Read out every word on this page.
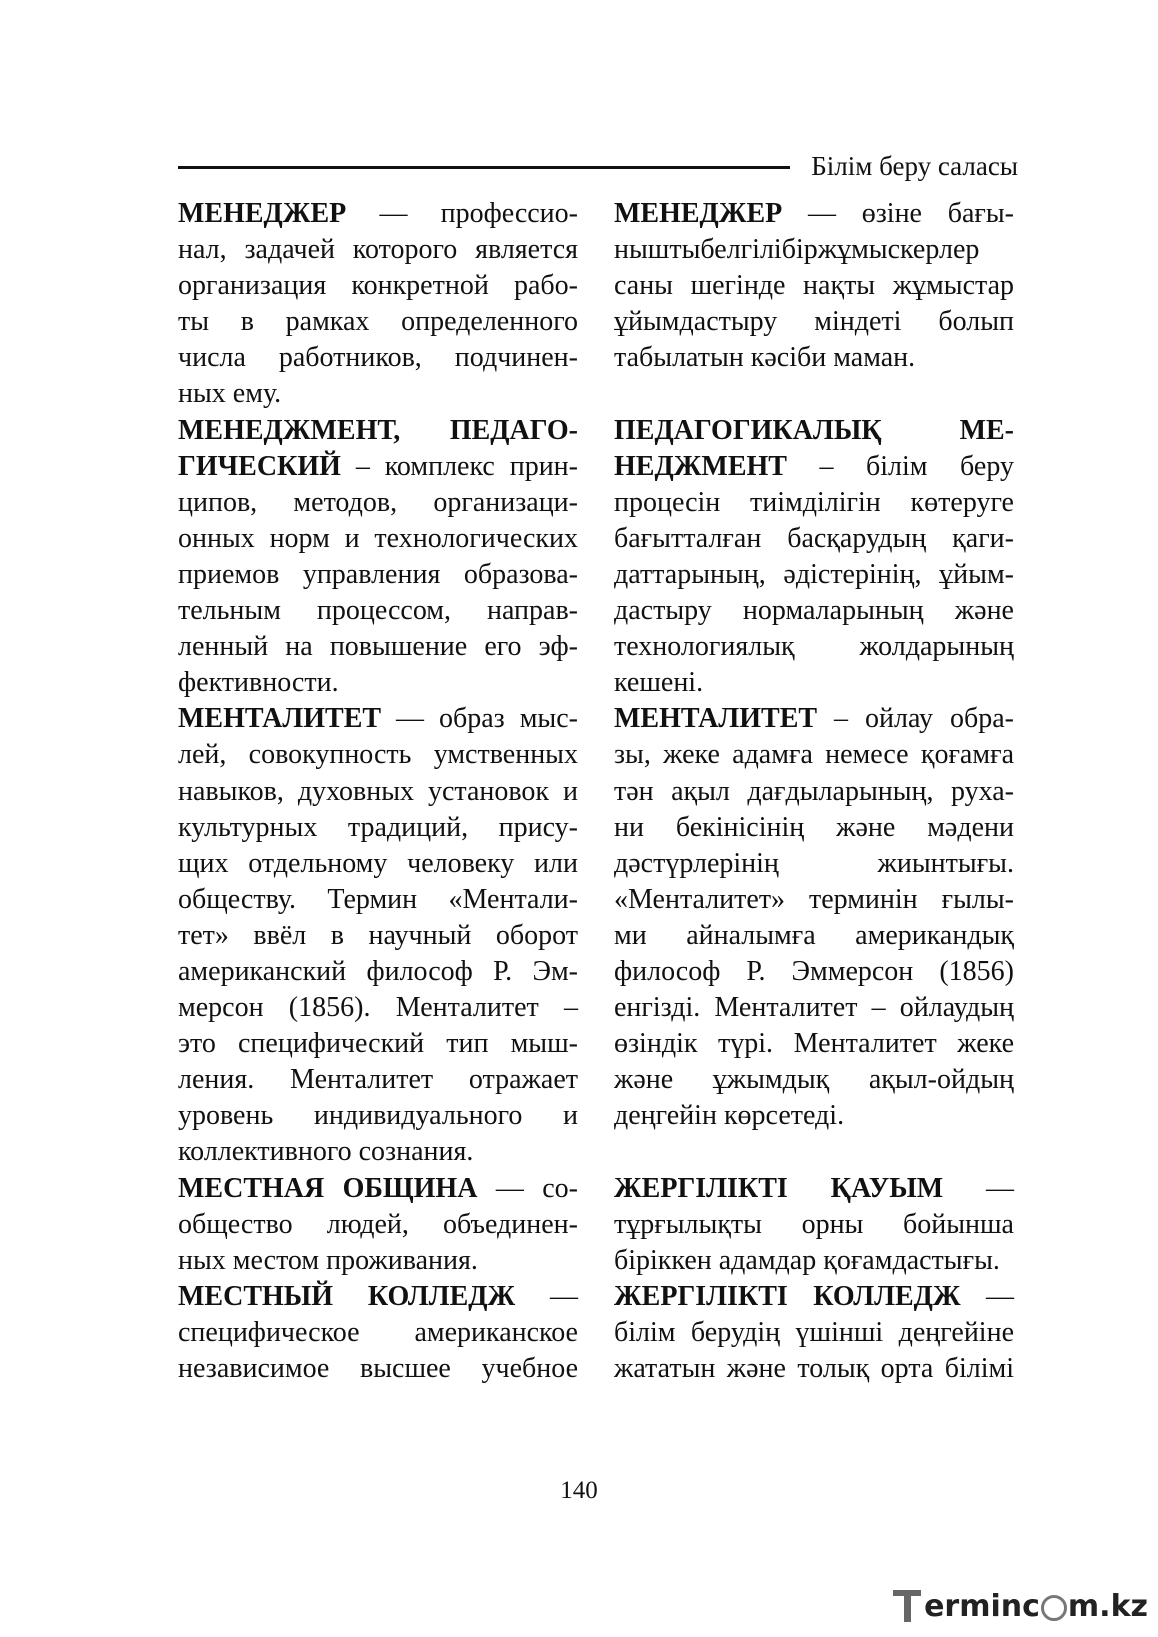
Білім беру саласы
МЕНЕДЖЕР — профессио-
нал, задачей которого является
организация конкретной рабо-
ты в рамках определенного
числа работников, подчинен-
ных ему.
МЕНЕДЖМЕНТ, ПЕДАГО-
ГИЧЕСКИЙ – комплекс прин-
ципов, методов, организаци-
онных норм и технологических
приемов управления образова-
тельным процессом, направ-
ленный на повышение его эф-
фективности.
МЕНТАЛИТЕТ — образ мыс-
лей, совокупность умственных
навыков, духовных установок и
культурных традиций, прису-
щих отдельному человеку или
обществу. Термин «Ментали-
тет» ввёл в научный оборот
американский философ Р. Эм-
мерсон (1856). Менталитет –
это специфический тип мыш-
ления. Менталитет отражает
уровень индивидуального и
коллективного сознания.
МЕСТНАЯ ОБЩИНА — со-
общество людей, объединен-
ных местом проживания.
МЕСТНЫЙ КОЛЛЕДЖ —
специфическое американское
независимое высшее учебное
МЕНЕДЖЕР — өзіне бағы-
ныштыбелгілібіржұмыскерлер
саны шегінде нақты жұмыстар
ұйымдастыру міндеті болып
табылатын кәсіби маман.
ПЕДАГОГИКАЛЫҚ МЕ-
НЕДЖМЕНТ – білім беру
процесін тиімділігін көтеруге
бағытталған басқарудың қаги-
даттарының, әдістерінің, ұйым-
дастыру нормаларының және
технологиялық жолдарының
кешені.
МЕНТАЛИТЕТ – ойлау обра-
зы, жеке адамға немесе қоғамға
тән ақыл дағдыларының, руха-
ни бекінісінің және мәдени
дәстүрлерінің жиынтығы.
«Менталитет» терминін ғылы-
ми айналымға американдық
философ Р. Эммерсон (1856)
енгізді. Менталитет – ойлаудың
өзіндік түрі. Менталитет жеке
және ұжымдық ақыл-ойдың
деңгейін көрсетеді.
ЖЕРГІЛІКТІ ҚАУЫМ —
тұрғылықты орны бойынша
біріккен адамдар қоғамдастығы.
ЖЕРГІЛІКТІ КОЛЛЕДЖ —
білім берудің үшінші деңгейіне
жататын және толық орта білімі
140
ermin c m.kz
